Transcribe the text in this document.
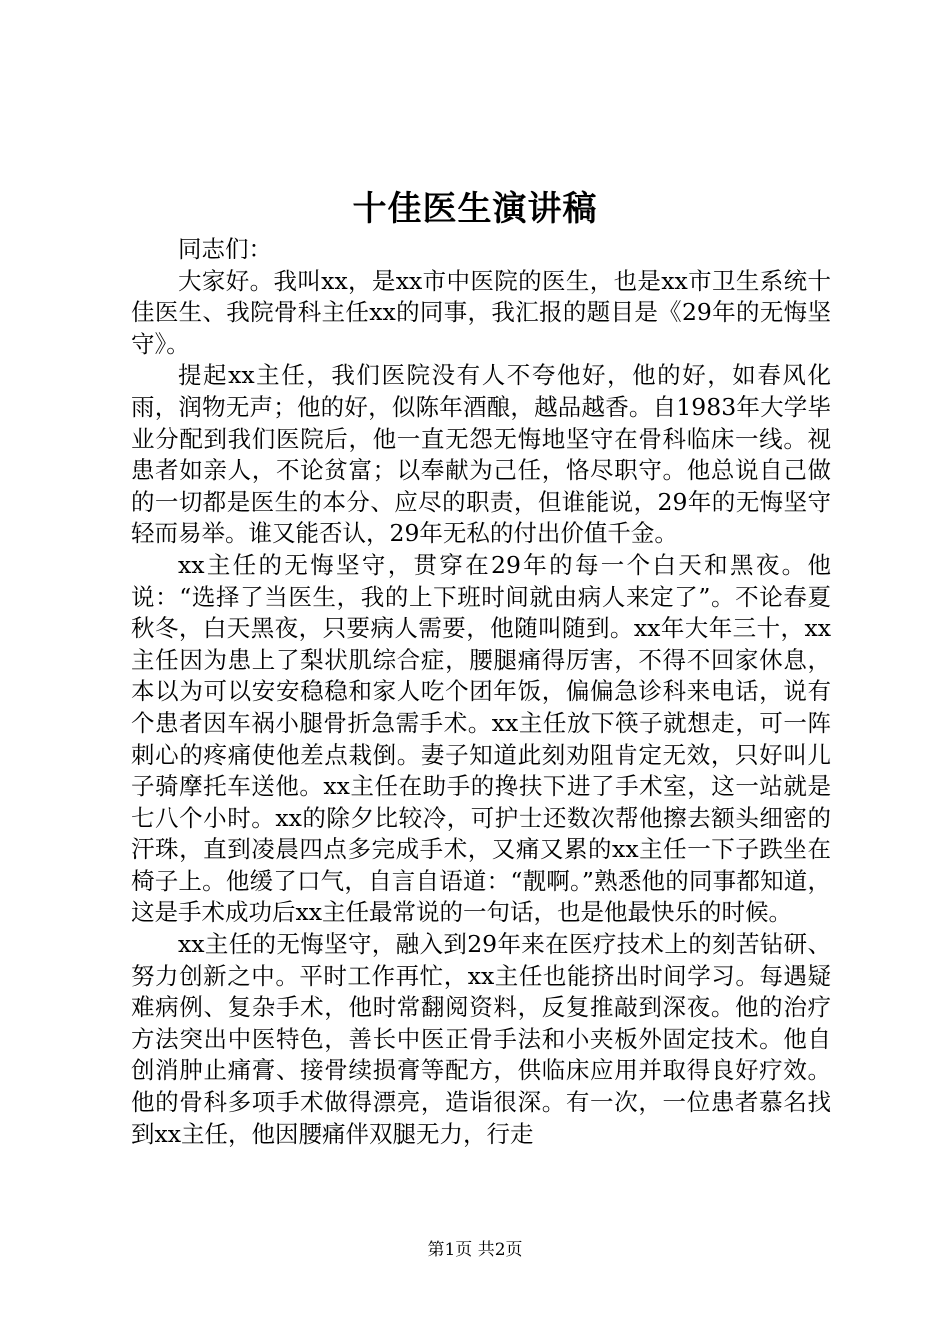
十佳医生演讲稿

同志们：

大家好。我叫xx，是xx市中医院的医生，也是xx市卫生系统十佳医生、我院骨科主任xx的同事，我汇报的题目是《29年的无悔坚守》。

提起xx主任，我们医院没有人不夸他好，他的好，如春风化雨，润物无声；他的好，似陈年酒酿，越品越香。自1983年大学毕业分配到我们医院后，他一直无怨无悔地坚守在骨科临床一线。视患者如亲人，不论贫富；以奉献为己任，恪尽职守。他总说自己做的一切都是医生的本分、应尽的职责，但谁能说，29年的无悔坚守轻而易举。谁又能否认，29年无私的付出价值千金。

xx主任的无悔坚守，贯穿在29年的每一个白天和黑夜。他说：“选择了当医生，我的上下班时间就由病人来定了”。不论春夏秋冬，白天黑夜，只要病人需要，他随叫随到。xx年大年三十，xx主任因为患上了梨状肌综合症，腰腿痛得厉害，不得不回家休息，本以为可以安安稳稳和家人吃个团年饭，偏偏急诊科来电话，说有个患者因车祸小腿骨折急需手术。xx主任放下筷子就想走，可一阵刺心的疼痛使他差点栽倒。妻子知道此刻劝阻肯定无效，只好叫儿子骑摩托车送他。xx主任在助手的搀扶下进了手术室，这一站就是七八个小时。xx的除夕比较冷，可护士还数次帮他擦去额头细密的汗珠，直到凌晨四点多完成手术，又痛又累的xx主任一下子跌坐在椅子上。他缓了口气，自言自语道：“靓啊。”熟悉他的同事都知道，这是手术成功后xx主任最常说的一句话，也是他最快乐的时候。

xx主任的无悔坚守，融入到29年来在医疗技术上的刻苦钻研、努力创新之中。平时工作再忙，xx主任也能挤出时间学习。每遇疑难病例、复杂手术，他时常翻阅资料，反复推敲到深夜。他的治疗方法突出中医特色，善长中医正骨手法和小夹板外固定技术。他自创消肿止痛膏、接骨续损膏等配方，供临床应用并取得良好疗效。他的骨科多项手术做得漂亮，造诣很深。有一次，一位患者慕名找到xx主任，他因腰痛伴双腿无力，行走

第1页 共2页
